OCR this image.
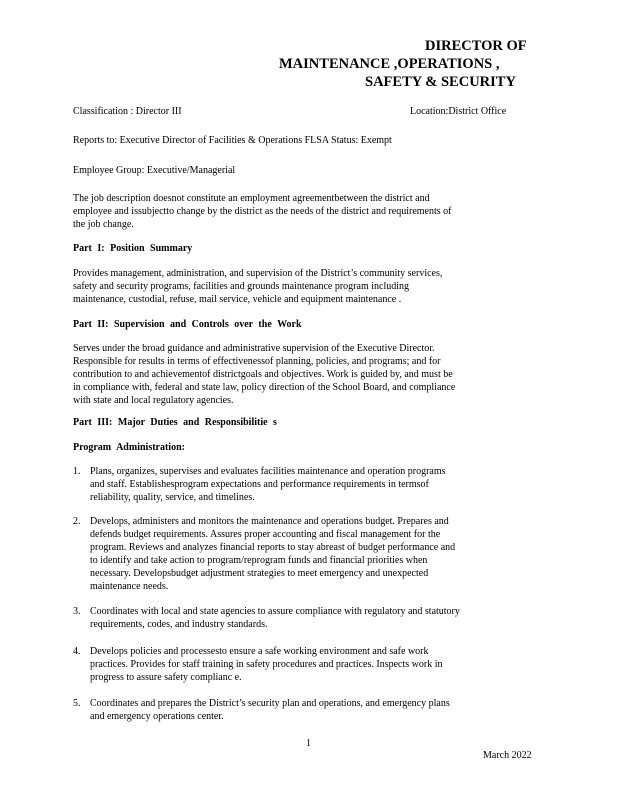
DIRECTOR OF
MAINTENANCE ,OPERATIONS ,
SAFETY & SECURITY
Classification : Director III	Location:District Office
Reports to: Executive Director of Facilities & Operations FLSA Status: Exempt
Employee Group: Executive/Managerial
The job description doesnot constitute an employment agreementbetween the district and
employee and issubjectto change by the district as the needs of the district and requirements of
the job change.
Part I: Position Summary
Provides management, administration, and supervision of the District’s community services,
safety and security programs, facilities and grounds maintenance program including
maintenance, custodial, refuse, mail service, vehicle and equipment maintenance .
Part II: Supervision and Controls over the Work
Serves under the broad guidance and administrative supervision of the Executive Director.
Responsible for results in terms of effectivenessof planning, policies, and programs; and for
contribution to and achievementof districtgoals and objectives. Work is guided by, and must be
in compliance with, federal and state law, policy direction of the School Board, and compliance
with state and local regulatory agencies.
Part III: Major Duties and Responsibilitie s
Program Administration:
1. Plans, organizes, supervises and evaluates facilities maintenance and operation programs
and staff. Establishesprogram expectations and performance requirements in termsof
reliability, quality, service, and timelines.
2. Develops, administers and monitors the maintenance and operations budget. Prepares and
defends budget requirements. Assures proper accounting and fiscal management for the
program. Reviews and analyzes financial reports to stay abreast of budget performance and
to identify and take action to program/reprogram funds and financial priorities when
necessary. Developsbudget adjustment strategies to meet emergency and unexpected
maintenance needs.
3. Coordinates with local and state agencies to assure compliance with regulatory and statutory
requirements, codes, and industry standards.
4. Develops policies and processesto ensure a safe working environment and safe work
practices. Provides for staff training in safety procedures and practices. Inspects work in
progress to assure safety complianc e.
5. Coordinates and prepares the District’s security plan and operations, and emergency plans
and emergency operations center.
1
March 2022
